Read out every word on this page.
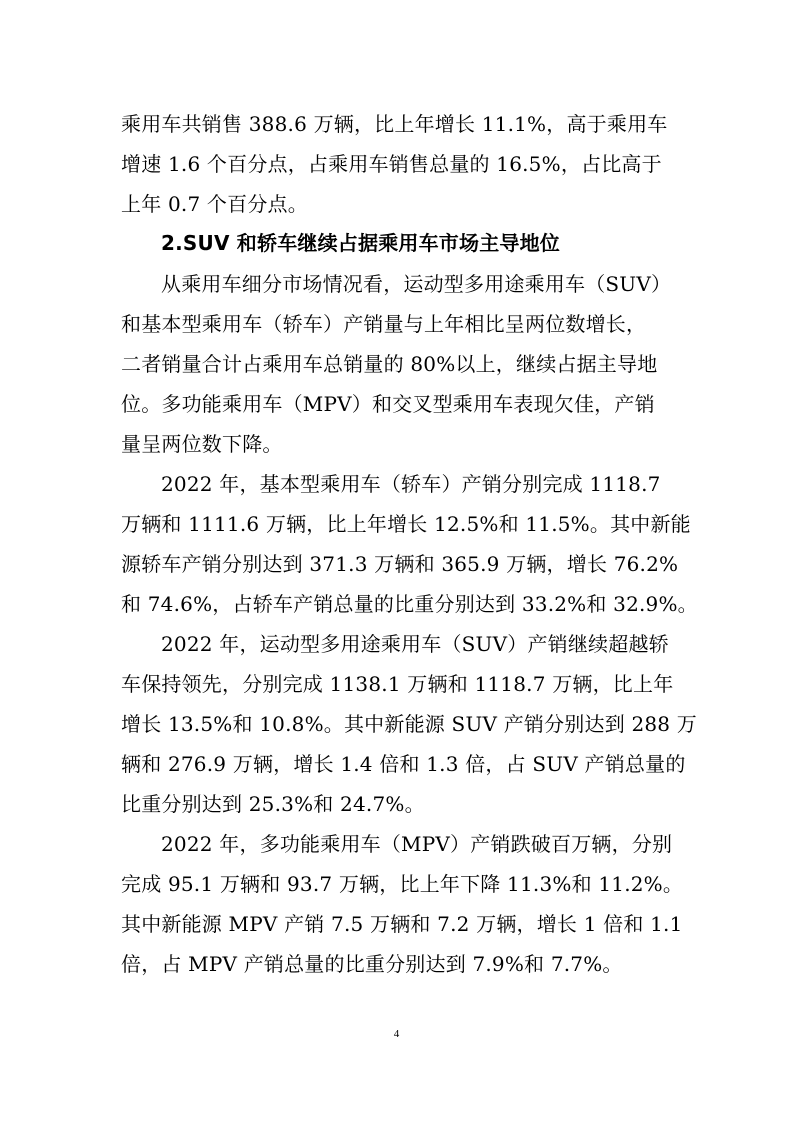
乘用车共销售 388.6 万辆，比上年增长 11.1%，高于乘用车
增速 1.6 个百分点，占乘用车销售总量的 16.5%，占比高于
上年 0.7 个百分点。
2.SUV 和轿车继续占据乘用车市场主导地位
从乘用车细分市场情况看，运动型多用途乘用车（SUV）
和基本型乘用车（轿车）产销量与上年相比呈两位数增长，
二者销量合计占乘用车总销量的 80%以上，继续占据主导地
位。多功能乘用车（MPV）和交叉型乘用车表现欠佳，产销
量呈两位数下降。
2022 年，基本型乘用车（轿车）产销分别完成 1118.7
万辆和 1111.6 万辆，比上年增长 12.5%和 11.5%。其中新能
源轿车产销分别达到 371.3 万辆和 365.9 万辆，增长 76.2%
和 74.6%，占轿车产销总量的比重分别达到 33.2%和 32.9%。
2022 年，运动型多用途乘用车（SUV）产销继续超越轿
车保持领先，分别完成 1138.1 万辆和 1118.7 万辆，比上年
增长 13.5%和 10.8%。其中新能源 SUV 产销分别达到 288 万
辆和 276.9 万辆，增长 1.4 倍和 1.3 倍，占 SUV 产销总量的
比重分别达到 25.3%和 24.7%。
2022 年，多功能乘用车（MPV）产销跌破百万辆，分别
完成 95.1 万辆和 93.7 万辆，比上年下降 11.3%和 11.2%。
其中新能源 MPV 产销 7.5 万辆和 7.2 万辆，增长 1 倍和 1.1
倍，占 MPV 产销总量的比重分别达到 7.9%和 7.7%。
4
